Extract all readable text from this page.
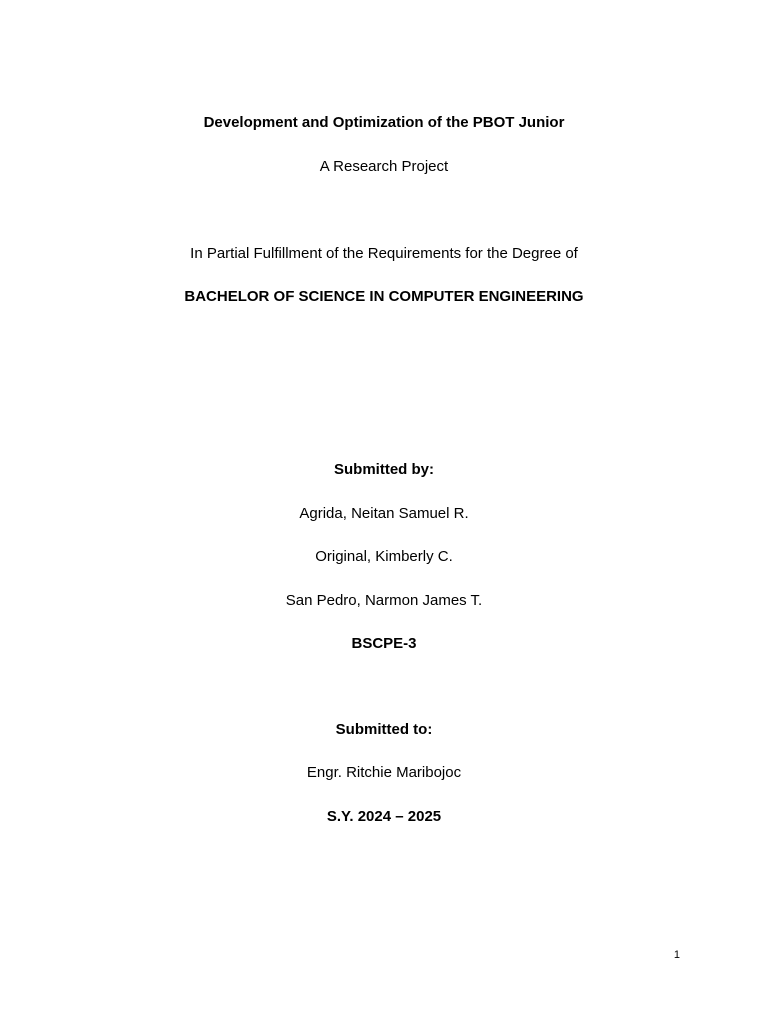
Development and Optimization of the PBOT Junior
A Research Project
In Partial Fulfillment of the Requirements for the Degree of
BACHELOR OF SCIENCE IN COMPUTER ENGINEERING
Submitted by:
Agrida, Neitan Samuel R.
Original, Kimberly C.
San Pedro, Narmon James T.
BSCPE-3
Submitted to:
Engr. Ritchie Maribojoc
S.Y. 2024 – 2025
1
